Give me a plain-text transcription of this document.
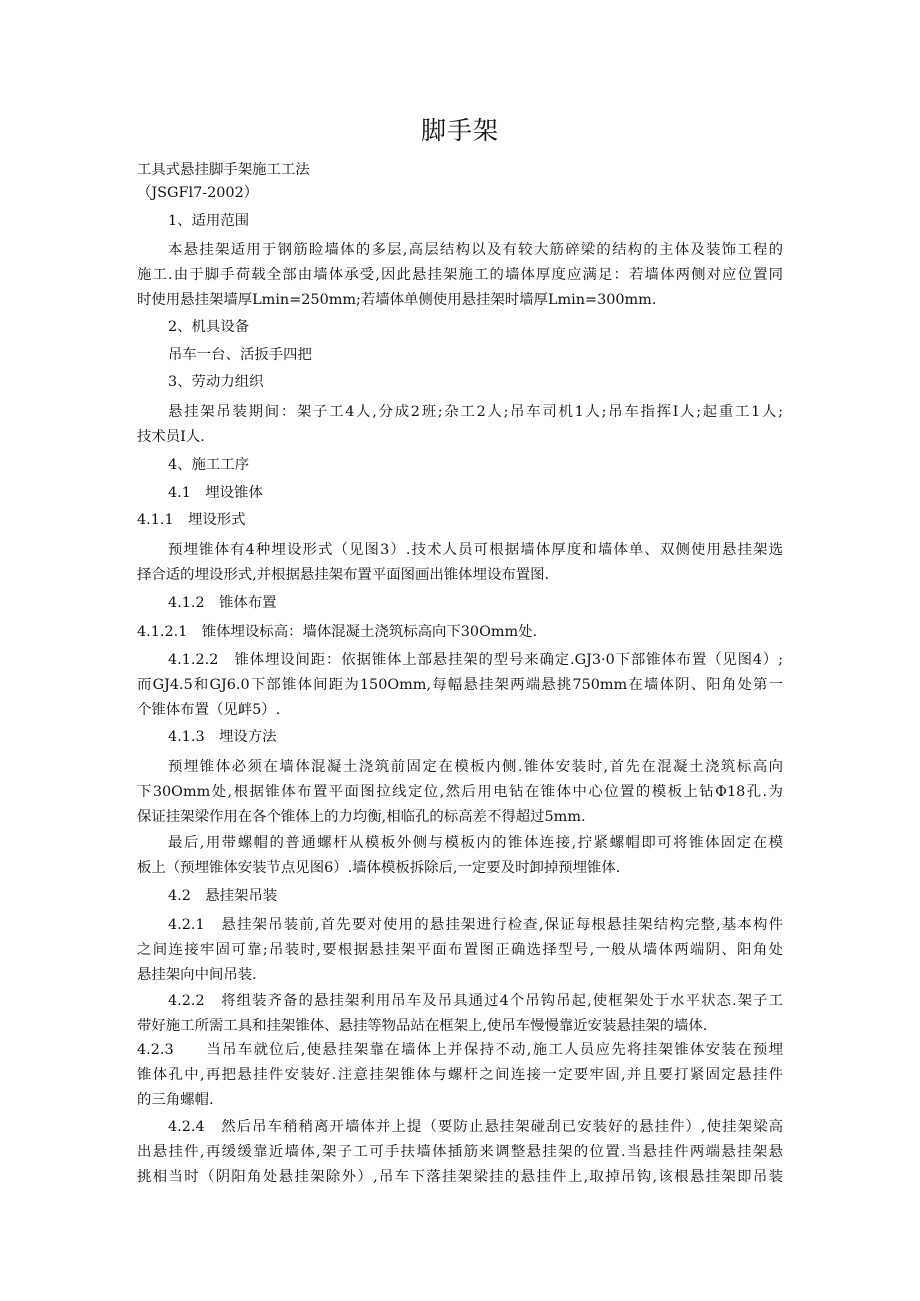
脚手架
工具式悬挂脚手架施工工法
（JSGFl7-2002）
1、适用范围
本悬挂架适用于钢筋睑墙体的多层,高层结构以及有较大筋碎梁的结构的主体及装饰工程的
施工.由于脚手荷载全部由墙体承受,因此悬挂架施工的墙体厚度应满足：若墙体两侧对应位置同
时使用悬挂架墙厚Lmin=250mm;若墙体单侧使用悬挂架时墙厚Lmin=300mm.
2、机具设备
吊车一台、活扳手四把
3、劳动力组织
悬挂架吊装期间：架子工4人,分成2班;杂工2人;吊车司机1人;吊车指挥I人;起重工1人;
技术员I人.
4、施工工序
4.1　埋设锥体
4.1.1　埋设形式
预埋锥体有4种埋设形式（见图3）.技术人员可根据墙体厚度和墙体单、双侧使用悬挂架选
择合适的埋设形式,并根据悬挂架布置平面图画出锥体埋设布置图.
4.1.2　锥体布置
4.1.2.1　锥体埋设标高：墙体混凝土浇筑标高向下30Omm处.
4.1.2.2　锥体埋设间距：依据锥体上部悬挂架的型号来确定.GJ3·0下部锥体布置（见图4）;
而GJ4.5和GJ6.0下部锥体间距为150Omm,每幅悬挂架两端悬挑750mm在墙体阴、阳角处第一
个锥体布置（见衅5）.
4.1.3　埋设方法
预埋锥体必须在墙体混凝土浇筑前固定在模板内侧.锥体安装时,首先在混凝土浇筑标高向
下30Omm处,根据锥体布置平面图拉线定位,然后用电钻在锥体中心位置的模板上钻Φ18孔.为
保证挂架梁作用在各个锥体上的力均衡,相临孔的标高差不得超过5mm.
最后,用带螺帽的普通螺杆从模板外侧与模板内的锥体连接,拧紧螺帽即可将锥体固定在模
板上（预埋锥体安装节点见图6）.墙体模板拆除后,一定要及时卸掉预埋锥体.
4.2　悬挂架吊装
4.2.1　悬挂架吊装前,首先要对使用的悬挂架进行检查,保证每根悬挂架结构完整,基本构件
之间连接牢固可靠;吊装时,要根据悬挂架平面布置图正确选择型号,一般从墙体两端阴、阳角处
悬挂架向中间吊装.
4.2.2　将组装齐备的悬挂架利用吊车及吊具通过4个吊钩吊起,使框架处于水平状态.架子工
带好施工所需工具和挂架锥体、悬挂等物品站在框架上,使吊车慢慢靠近安装悬挂架的墙体.
4.2.3　　当吊车就位后,使悬挂架靠在墙体上并保持不动,施工人员应先将挂架锥体安装在预埋
锥体孔中,再把悬挂件安装好.注意挂架锥体与螺杆之间连接一定要牢固,并且要打紧固定悬挂件
的三角螺帽.
4.2.4　然后吊车稍稍离开墙体并上提（要防止悬挂架碰刮已安装好的悬挂件）,使挂架梁高
出悬挂件,再缓缓靠近墙体,架子工可手扶墙体插筋来调整悬挂架的位置.当悬挂件两端悬挂架悬
挑相当时（阴阳角处悬挂架除外）,吊车下落挂架梁挂的悬挂件上,取掉吊钩,该根悬挂架即吊装
